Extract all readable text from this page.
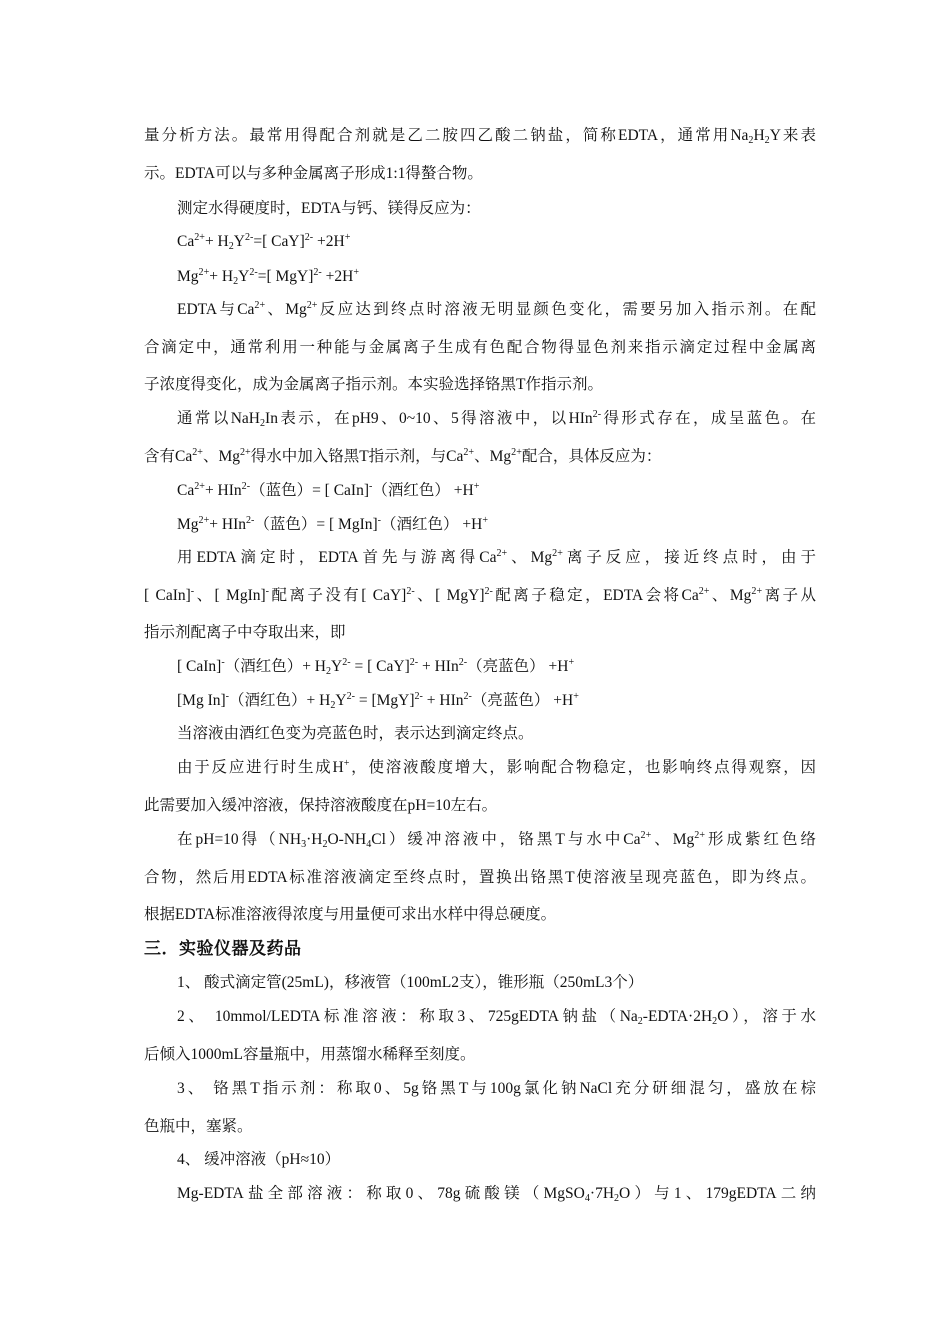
量分析方法。最常用得配合剂就是乙二胺四乙酸二钠盐，简称EDTA，通常用$Na_2H_2Y$来表
示。EDTA可以与多种金属离子形成1:1得螯合物。
测定水得硬度时，EDTA与钙、镁得反应为：
$Ca^{2+}+ H_2Y^{2-}=$[ CaY]$^{2-}$ +2H+
$Mg^{2+}+ H_2Y^{2-}=$[ MgY]$^{2-}$ +2H+
EDTA与$Ca^{2+}$、$Mg^{2+}$反应达到终点时溶液无明显颜色变化，需要另加入指示剂。在配
合滴定中，通常利用一种能与金属离子生成有色配合物得显色剂来指示滴定过程中金属离
子浓度得变化，成为金属离子指示剂。本实验选择铬黑T作指示剂。
通常以NaH$_2$In表示，在pH9、0~10、5得溶液中，以HIn$^{2-}$得形式存在，成呈蓝色。在
含有$Ca^{2+}$、$Mg^{2+}$得水中加入铬黑T指示剂，与$Ca^{2+}$、$Mg^{2+}$配合，具体反应为：
$Ca^{2+}+ HIn^{2-}$（蓝色）= [ CaIn]-（酒红色） +H+
$Mg^{2+}+ HIn^{2-}$（蓝色）= [ MgIn]-（酒红色） +H+
用EDTA滴定时，EDTA首先与游离得$Ca^{2+}$、$Mg^{2+}$离子反应，接近终点时，由于
[ CaIn]-、[ MgIn]-配离子没有[ CaY]$^{2-}$、[ MgY]$^{2-}$配离子稳定，EDTA会将$Ca^{2+}$、$Mg^{2+}$离子从
指示剂配离子中夺取出来，即
[ CaIn]-（酒红色）+ $H_2Y^{2-}$ = [ CaY]$^{2-}$ + HIn$^{2-}$（亮蓝色） +H+
[Mg In]-（酒红色）+ $H_2Y^{2-} = [MgY]^{2-} + HIn^{2-}$（亮蓝色） +H+
当溶液由酒红色变为亮蓝色时，表示达到滴定终点。
由于反应进行时生成H+，使溶液酸度增大，影响配合物稳定，也影响终点得观察，因
此需要加入缓冲溶液，保持溶液酸度在pH=10左右。
在pH=10得$(NH_3\cdot H_2O-NH_4Cl)$缓冲溶液中，铬黑T与水中$Ca^{2+}$、$Mg^{2+}$形成紫红色络
合物，然后用EDTA标准溶液滴定至终点时，置换出铬黑T使溶液呈现亮蓝色，即为终点。
根据EDTA标准溶液得浓度与用量便可求出水样中得总硬度。
三．实验仪器及药品
1、 酸式滴定管(25mL)，移液管（100mL2支），锥形瓶（250mL3个）
2、 10mmol/LEDTA标准溶液：称取3、725gEDTA钠盐$(Na_2-EDTA\cdot 2H_2O)$，溶于水
后倾入1000mL容量瓶中，用蒸馏水稀释至刻度。
3、 铬黑T指示剂：称取0、5g铬黑T与100g氯化钠NaCl充分研细混匀，盛放在棕
色瓶中，塞紧。
4、 缓冲溶液（pH≈10）
Mg-EDTA盐全部溶液：称取0、78g硫酸镁$(MgSO_4\cdot 7H_2O)$与1、179gEDTA二纳
